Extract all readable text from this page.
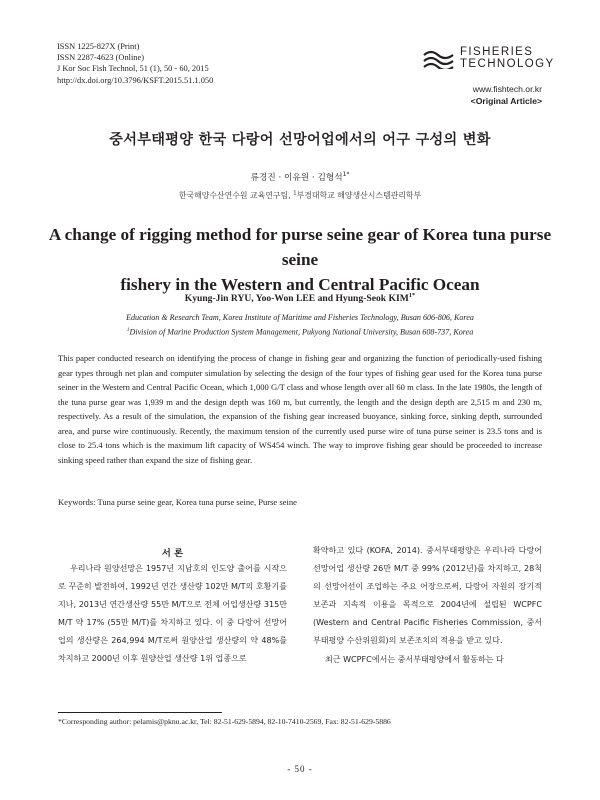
ISSN 1225-827X (Print)
ISSN 2287-4623 (Online)
J Kor Soc Fish Technol, 51 (1), 50 - 60, 2015
http://dx.doi.org/10.3796/KSFT.2015.51.1.050
FISHERIES
TECHNOLOGY
www.fishtech.or.kr
<Original Article>
중서부태평양 한국 다랑어 선망어업에서의 어구 구성의 변화
류경진 · 이유원 · 김형석$^{1*}$
한국해양수산연수원 교육연구팀, $^1$부경대학교 해양생산시스템관리학부
A change of rigging method for purse seine gear of Korea tuna purse seine
fishery in the Western and Central Pacific Ocean
Kyung-Jin RYU, Yoo-Won LEE and Hyung-Seok $KIM^{1*}$
Education & Research Team, Korea Institute of Maritime and Fisheries Technology, Busan 606-806, Korea
$^1$Division of Marine Production System Management, Pukyong National University, Busan 608-737, Korea
This paper conducted research on identifying the process of change in fishing gear and organizing the function of periodically-used fishing gear types through net plan and computer simulation by selecting the design of the four types of fishing gear used for the Korea tuna purse seiner in the Western and Central Pacific Ocean, which 1,000 G/T class and whose length over all 60 m class. In the late 1980s, the length of the tuna purse gear was 1,939 m and the design depth was 160 m, but currently, the length and the design depth are 2,515 m and 230 m, respectively. As a result of the simulation, the expansion of the fishing gear increased buoyance, sinking force, sinking depth, surrounded area, and purse wire continuously. Recently, the maximum tension of the currently used purse wire of tuna purse seiner is 23.5 tons and is close to 25.4 tons which is the maximum lift capacity of WS454 winch. The way to improve fishing gear should be proceeded to increase sinking speed rather than expand the size of fishing gear.
Keywords: Tuna purse seine gear, Korea tuna purse seine, Purse seine
서 론
우리나라 원양선망은 1957년 지남호의 인도양 출어를 시작으로 꾸준히 발전하여, 1992년 연간 생산량 102만 M/T의 호황기를 지나, 2013년 연간생산량 55만 M/T으로 전체 어업생산량 315만 M/T 약 17% (55만 M/T)를 차지하고 있다. 이 중 다랑어 선망어업의 생산량은 264,994 M/T로써 원양산업 생산량의 약 48%를 차지하고 2000년 이후 원양산업 생산량 1위 업종으로
확약하고 있다 (KOFA, 2014). 중서부태평양은 우리나라 다랑어 선망어업 생산량 26만 M/T 중 99% (2012년)를 차지하고, 28척의 선망어선이 조업하는 주요 어장으로써, 다랑어 자원의 장기적 보존과 지속적 이용을 목적으로 2004년에 설립된 WCPFC (Western and Central Pacific Fisheries Commission, 중서부태평양 수산위원회)의 보존조치의 적용을 받고 있다.
최근 WCPFC에서는 중서부태평양에서 활동하는 다
*Corresponding author: pelamis@pknu.ac.kr, Tel: 82-51-629-5894, 82-10-7410-2569, Fax: 82-51-629-5886
- 50 -
